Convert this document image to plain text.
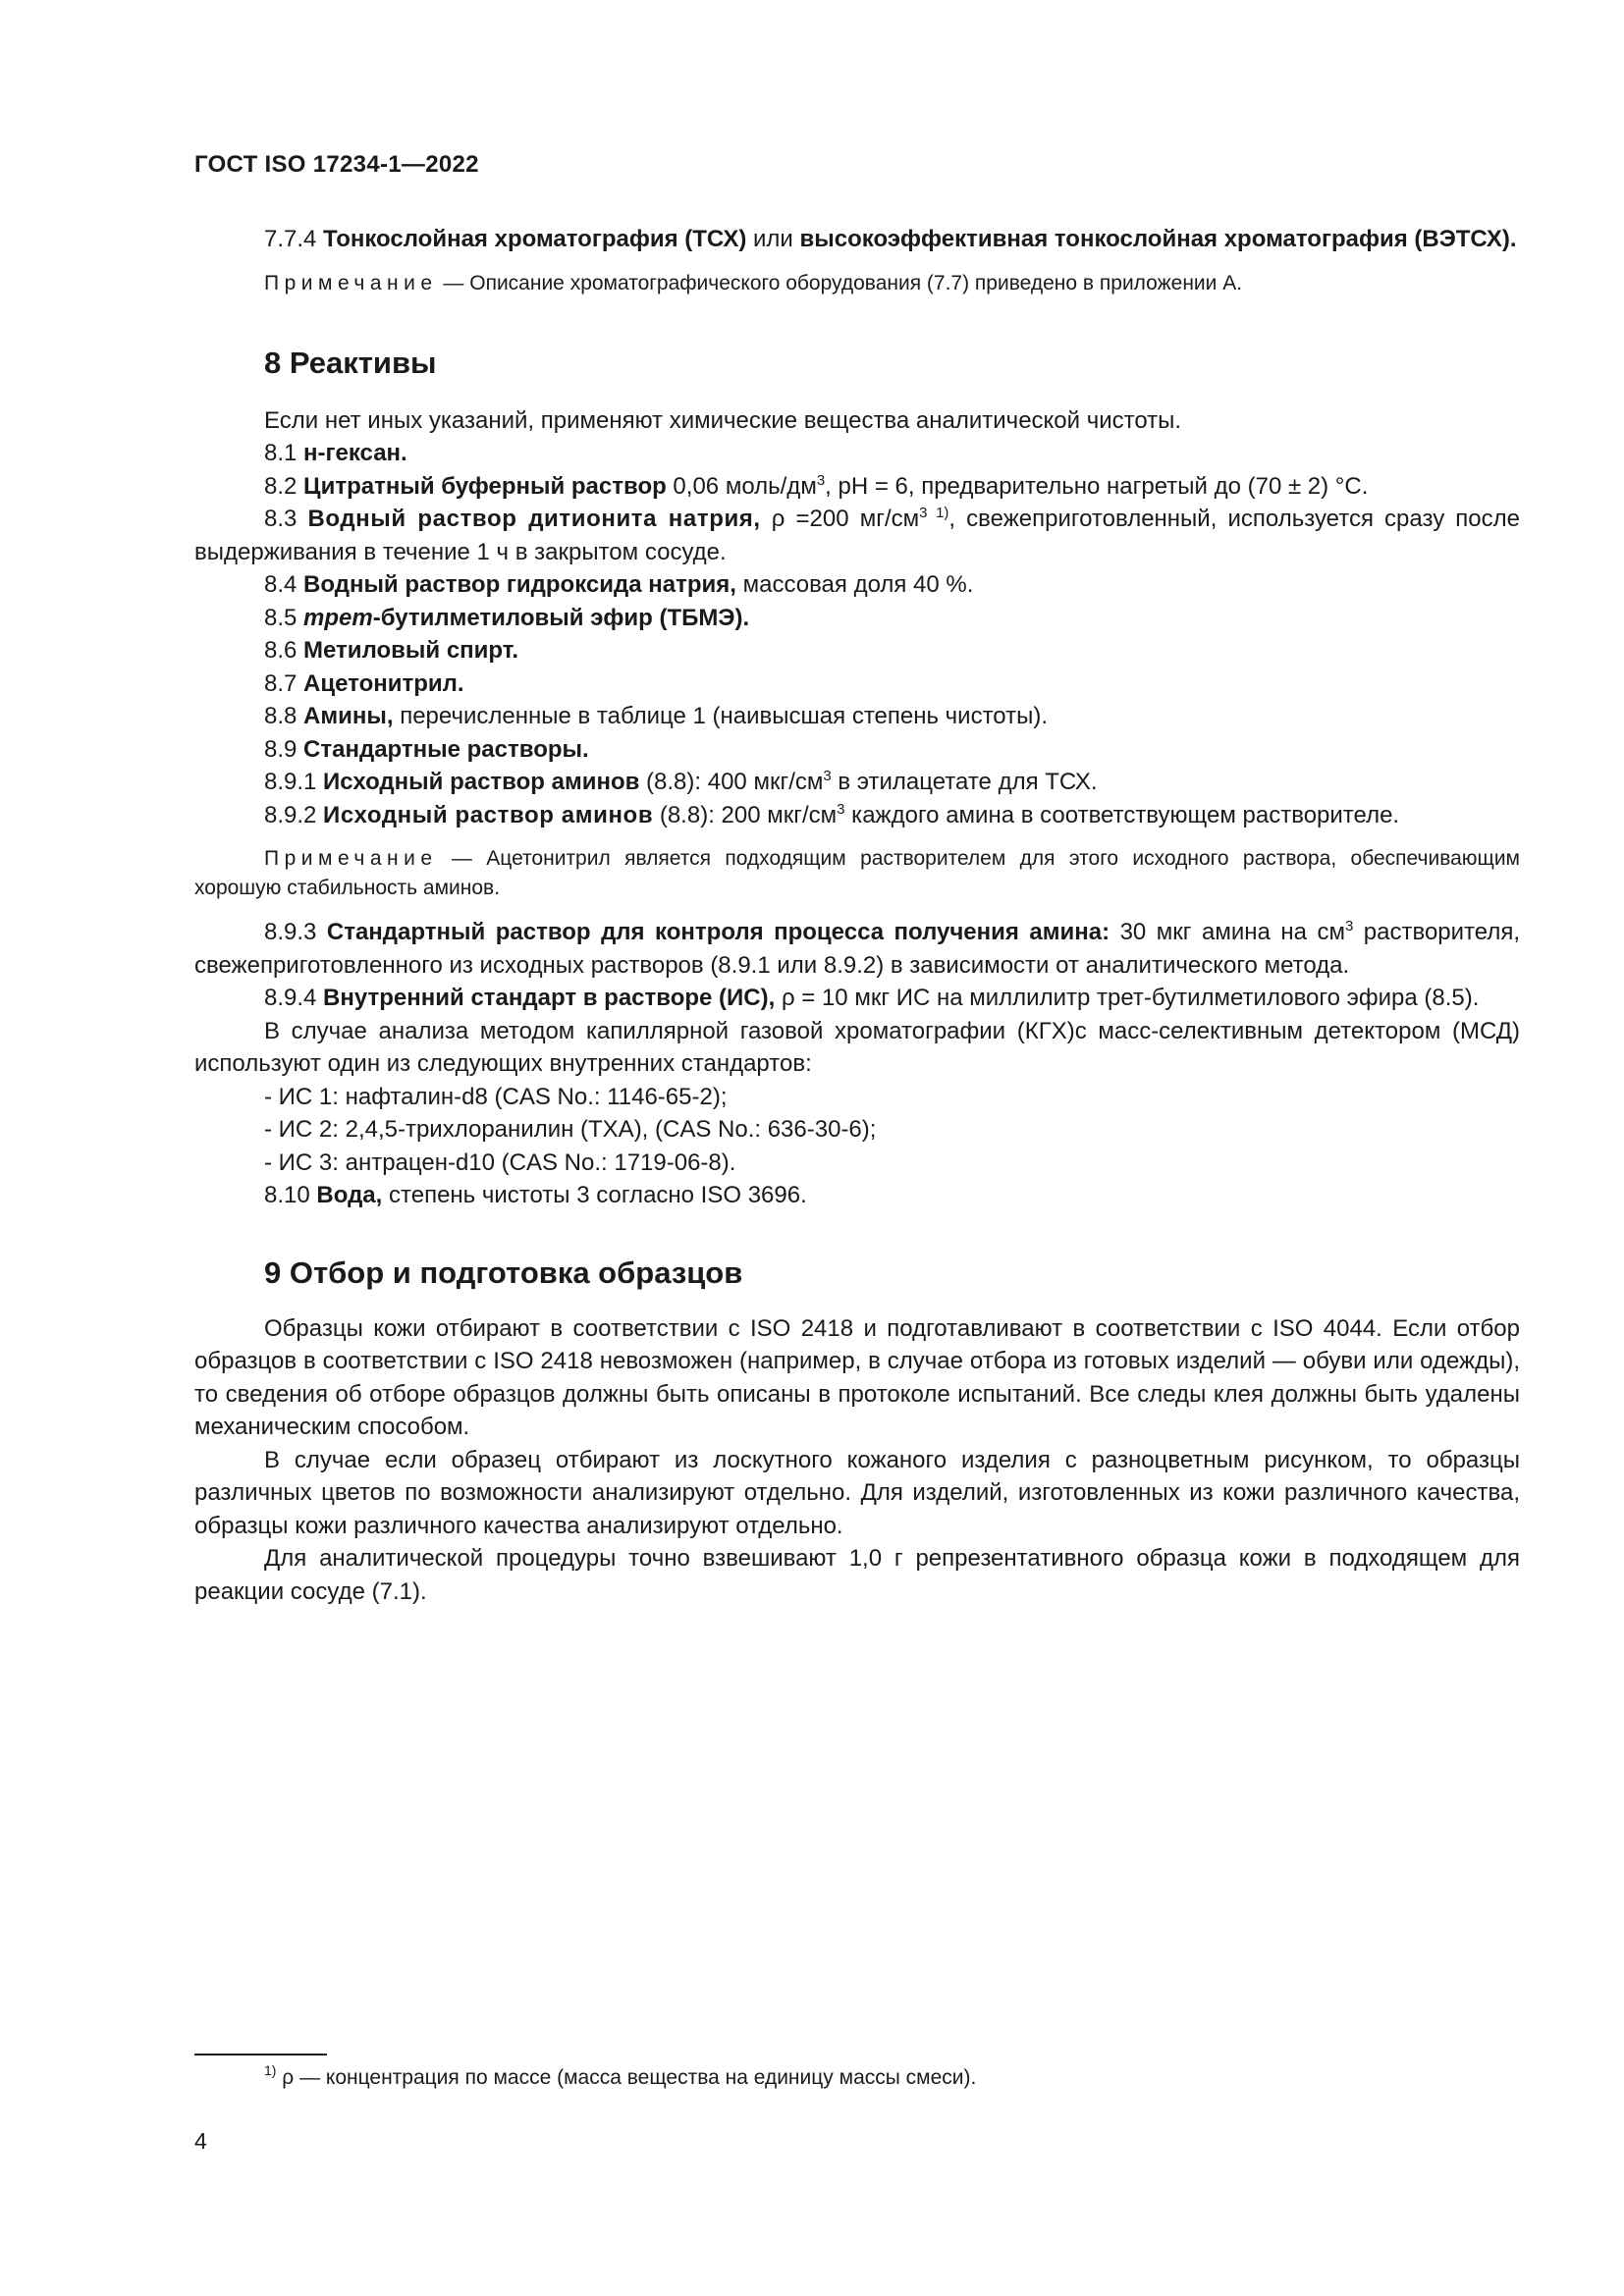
ГОСТ ISO 17234-1—2022

7.7.4 Тонкослойная хроматография (ТСХ) или высокоэффективная тонкослойная хроматография (ВЭТСХ).

Примечание — Описание хроматографического оборудования (7.7) приведено в приложении А.

8 Реактивы

Если нет иных указаний, применяют химические вещества аналитической чистоты.

8.1 н-гексан.

8.2 Цитратный буферный раствор 0,06 моль/$дм^3$, pH = 6, предварительно нагретый до (70 ± 2) °С.

8.3 Водный раствор дитионита натрия, ρ =200 $мг/см^{3 1)}$, свежеприготовленный, используется сразу после выдерживания в течение 1 ч в закрытом сосуде.

8.4 Водный раствор гидроксида натрия, массовая доля 40 %.

8.5 трет-бутилметиловый эфир (ТБМЭ).

8.6 Метиловый спирт.

8.7 Ацетонитрил.

8.8 Амины, перечисленные в таблице 1 (наивысшая степень чистоты).

8.9 Стандартные растворы.

8.9.1 Исходный раствор аминов (8.8): 400 мкг/$см^3$ в этилацетате для ТСХ.

8.9.2 Исходный раствор аминов (8.8): 200 мкг/$см^3$ каждого амина в соответствующем растворителе.

Примечание — Ацетонитрил является подходящим растворителем для этого исходного раствора, обеспечивающим хорошую стабильность аминов.

8.9.3 Стандартный раствор для контроля процесса получения амина: 30 мкг амина на $см^3$ растворителя, свежеприготовленного из исходных растворов (8.9.1 или 8.9.2) в зависимости от аналитического метода.

8.9.4 Внутренний стандарт в растворе (ИС), ρ = 10 мкг ИС на миллилитр трет-бутилметилового эфира (8.5).

В случае анализа методом капиллярной газовой хроматографии (КГХ)с масс-селективным детектором (МСД) используют один из следующих внутренних стандартов:

- ИС 1: нафталин-d8 (CAS No.: 1146-65-2);

- ИС 2: 2,4,5-трихлоранилин (ТХА), (CAS No.: 636-30-6);

- ИС 3: антрацен-d10 (CAS No.: 1719-06-8).

8.10 Вода, степень чистоты 3 согласно ISO 3696.

9 Отбор и подготовка образцов

Образцы кожи отбирают в соответствии с ISO 2418 и подготавливают в соответствии с ISO 4044. Если отбор образцов в соответствии с ISO 2418 невозможен (например, в случае отбора из готовых изделий — обуви или одежды), то сведения об отборе образцов должны быть описаны в протоколе испытаний. Все следы клея должны быть удалены механическим способом.

В случае если образец отбирают из лоскутного кожаного изделия с разноцветным рисунком, то образцы различных цветов по возможности анализируют отдельно. Для изделий, изготовленных из кожи различного качества, образцы кожи различного качества анализируют отдельно.

Для аналитической процедуры точно взвешивают 1,0 г репрезентативного образца кожи в подходящем для реакции сосуде (7.1).

$^{1)}$ ρ — концентрация по массе (масса вещества на единицу массы смеси).
4
